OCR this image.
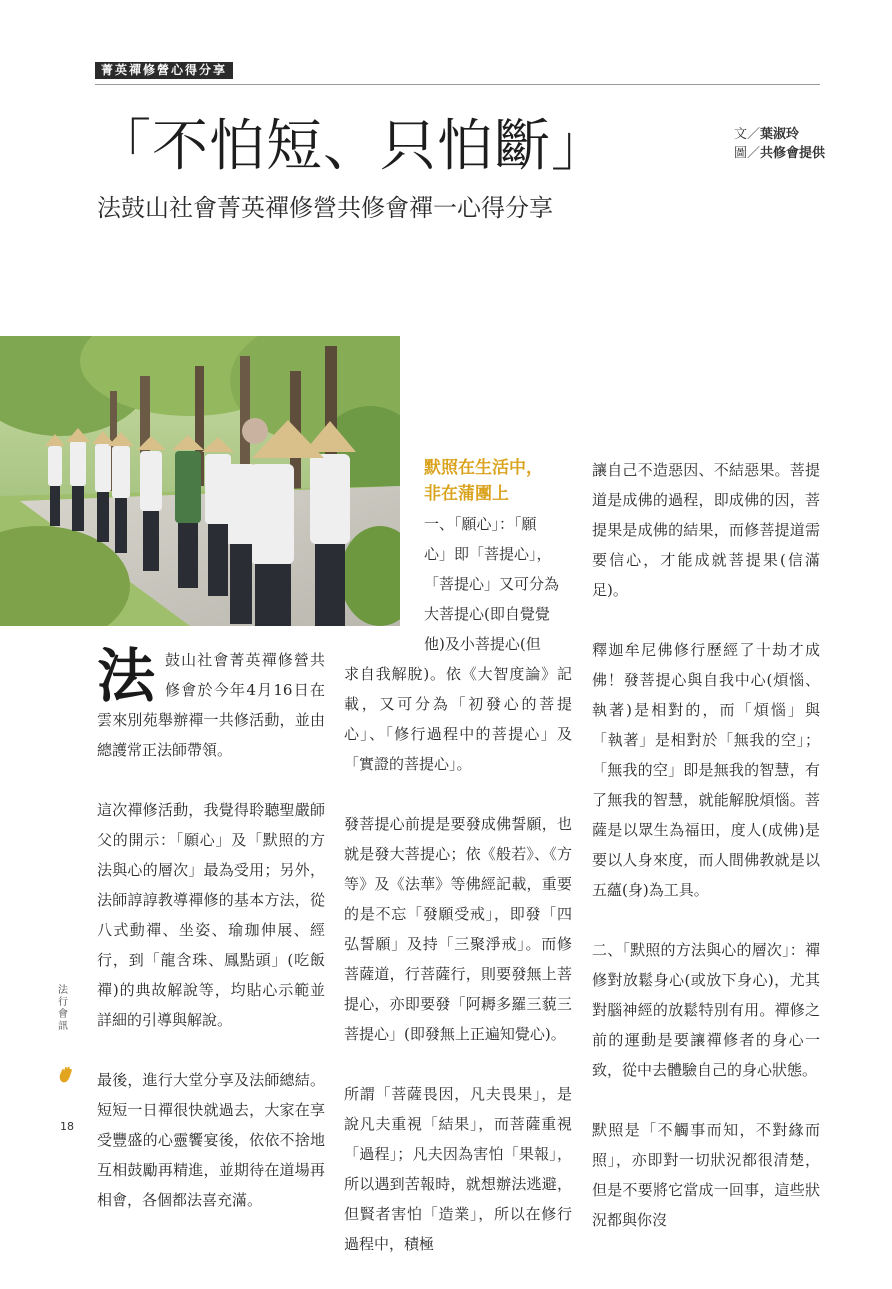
菁英禪修營心得分享
「不怕短、只怕斷」
法鼓山社會菁英禪修營共修會禪一心得分享
文／葉淑玲
圖／共修會提供

法鼓山社會菁英禪修營共修會於今年4月16日在雲來別苑舉辦禪一共修活動，並由總護常正法師帶領。

這次禪修活動，我覺得聆聽聖嚴師父的開示：「願心」及「默照的方法與心的層次」最為受用；另外，法師諄諄教導禪修的基本方法，從八式動禪、坐姿、瑜珈伸展、經行，到「龍含珠、鳳點頭」(吃飯禪)的典故解說等，均貼心示範並詳細的引導與解說。

最後，進行大堂分享及法師總結。短短一日禪很快就過去，大家在享受豐盛的心靈饗宴後，依依不捨地互相鼓勵再精進，並期待在道場再相會，各個都法喜充滿。

默照在生活中，
非在蒲團上
一、「願心」：「願
心」即「菩提心」，
「菩提心」又可分為
大菩提心(即自覺覺
他)及小菩提心(但

求自我解脫)。依《大智度論》記載，又可分為「初發心的菩提心」、「修行過程中的菩提心」及「實證的菩提心」。

發菩提心前提是要發成佛誓願，也就是發大菩提心；依《般若》、《方等》及《法華》等佛經記載，重要的是不忘「發願受戒」，即發「四弘誓願」及持「三聚淨戒」。而修菩薩道，行菩薩行，則要發無上菩提心，亦即要發「阿耨多羅三藐三菩提心」(即發無上正遍知覺心)。

所謂「菩薩畏因，凡夫畏果」，是說凡夫重視「結果」，而菩薩重視「過程」；凡夫因為害怕「果報」，所以遇到苦報時，就想辦法逃避，但賢者害怕「造業」，所以在修行過程中，積極

讓自己不造惡因、不結惡果。菩提道是成佛的過程，即成佛的因，菩提果是成佛的結果，而修菩提道需要信心，才能成就菩提果(信滿足)。

釋迦牟尼佛修行歷經了十劫才成佛！發菩提心與自我中心(煩惱、執著)是相對的，而「煩惱」與「執著」是相對於「無我的空」；「無我的空」即是無我的智慧，有了無我的智慧，就能解脫煩惱。菩薩是以眾生為福田，度人(成佛)是要以人身來度，而人間佛教就是以五蘊(身)為工具。

二、「默照的方法與心的層次」：禪修對放鬆身心(或放下身心)，尤其對腦神經的放鬆特別有用。禪修之前的運動是要讓禪修者的身心一致，從中去體驗自己的身心狀態。

默照是「不觸事而知，不對緣而照」，亦即對一切狀況都很清楚，但是不要將它當成一回事，這些狀況都與你沒

法行會訊
18
